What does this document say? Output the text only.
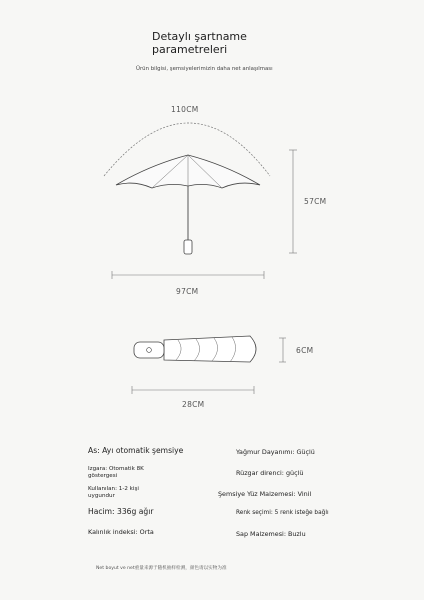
Detaylı şartname
parametreleri
Ürün bilgisi, şemsiyelerimizin daha net anlaşılması
110CM
57CM
97CM
6CM
28CM
As: Ayı otomatik şemsiye
Izgara: Otomatik 8K göstergesi
Kullanılan: 1-2 kişi uygundur
Hacim: 336g ağır
Kalınlık indeksi: Orta
Yağmur Dayanımı: Güçlü
Rüzgar direnci: güçlü
Şemsiye Yüz Malzemesi: Vinil
Renk seçimi: 5 renk isteğe bağlı
Sap Malzemesi: Buzlu
Net boyut ve net重量来源于随机抽样检测，颜色请以实物为准
